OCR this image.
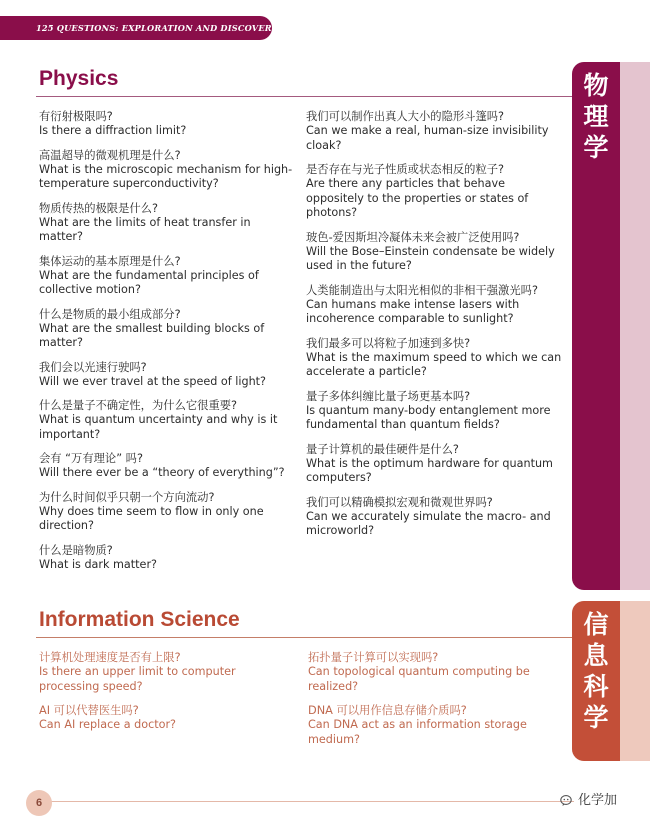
125 QUESTIONS: EXPLORATION AND DISCOVERY
Physics
有衍射极限吗?
Is there a diffraction limit?
高温超导的微观机理是什么?
What is the microscopic mechanism for high-temperature superconductivity?
物质传热的极限是什么?
What are the limits of heat transfer in matter?
集体运动的基本原理是什么?
What are the fundamental principles of collective motion?
什么是物质的最小组成部分?
What are the smallest building blocks of matter?
我们会以光速行驶吗?
Will we ever travel at the speed of light?
什么是量子不确定性，为什么它很重要?
What is quantum uncertainty and why is it important?
会有 “万有理论” 吗?
Will there ever be a “theory of everything”?
为什么时间似乎只朝一个方向流动?
Why does time seem to flow in only one direction?
什么是暗物质?
What is dark matter?
我们可以制作出真人大小的隐形斗篷吗?
Can we make a real, human-size invisibility cloak?
是否存在与光子性质或状态相反的粒子?
Are there any particles that behave oppositely to the properties or states of photons?
玻色-爱因斯坦冷凝体未来会被广泛使用吗?
Will the Bose–Einstein condensate be widely used in the future?
人类能制造出与太阳光相似的非相干强激光吗?
Can humans make intense lasers with incoherence comparable to sunlight?
我们最多可以将粒子加速到多快?
What is the maximum speed to which we can accelerate a particle?
量子多体纠缠比量子场更基本吗?
Is quantum many-body entanglement more fundamental than quantum fields?
量子计算机的最佳硬件是什么?
What is the optimum hardware for quantum computers?
我们可以精确模拟宏观和微观世界吗?
Can we accurately simulate the macro- and microworld?
物
理
学
Information Science
计算机处理速度是否有上限?
Is there an upper limit to computer processing speed?
AI 可以代替医生吗?
Can AI replace a doctor?
拓扑量子计算可以实现吗?
Can topological quantum computing be realized?
DNA 可以用作信息存储介质吗?
Can DNA act as an information storage medium?
信
息
科
学
6	化学加
